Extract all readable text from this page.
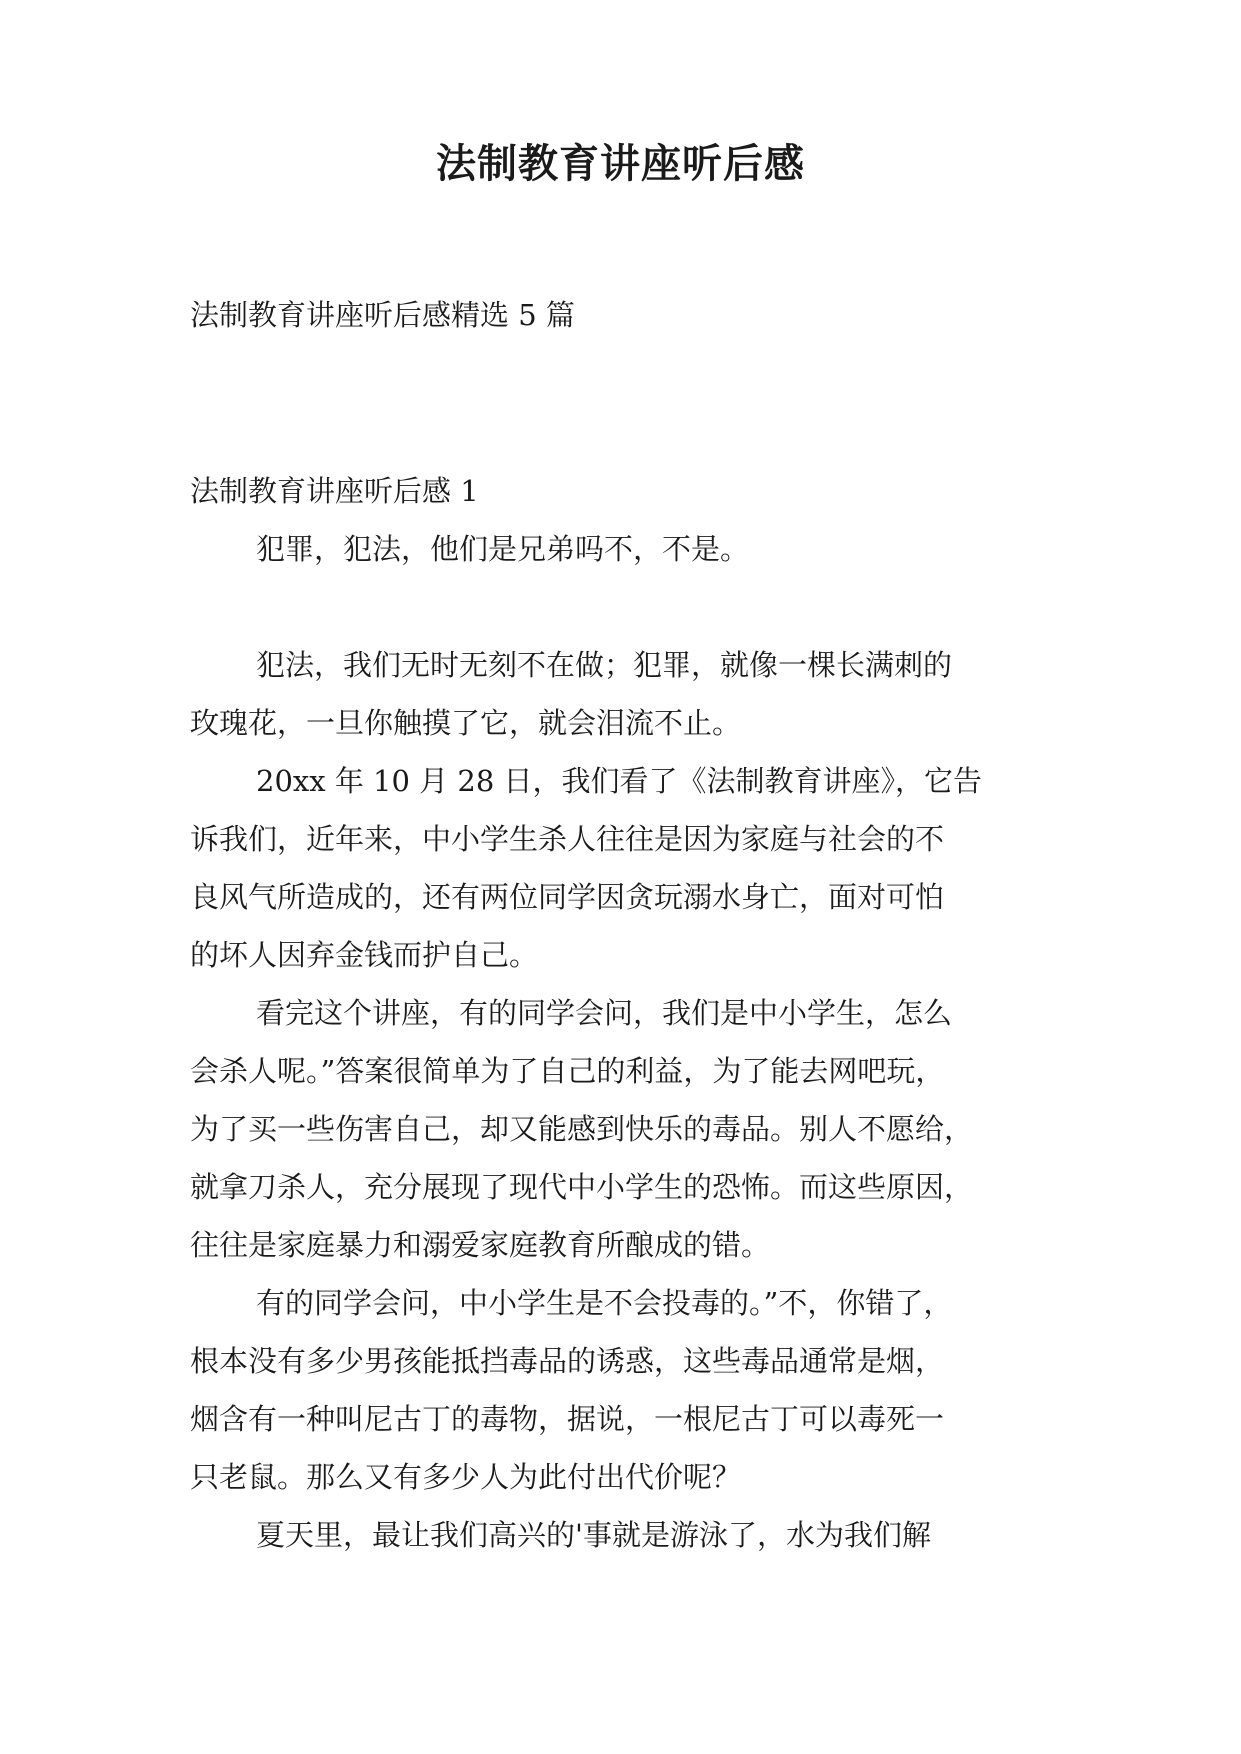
法制教育讲座听后感
法制教育讲座听后感精选 5 篇
法制教育讲座听后感 1
犯罪，犯法，他们是兄弟吗不，不是。
犯法，我们无时无刻不在做；犯罪，就像一棵长满刺的
玫瑰花，一旦你触摸了它，就会泪流不止。
20xx 年 10 月 28 日，我们看了《法制教育讲座》，它告
诉我们，近年来，中小学生杀人往往是因为家庭与社会的不
良风气所造成的，还有两位同学因贪玩溺水身亡，面对可怕
的坏人因弃金钱而护自己。
看完这个讲座，有的同学会问，我们是中小学生，怎么
会杀人呢。”答案很简单为了自己的利益，为了能去网吧玩，
为了买一些伤害自己，却又能感到快乐的毒品。别人不愿给，
就拿刀杀人，充分展现了现代中小学生的恐怖。而这些原因，
往往是家庭暴力和溺爱家庭教育所酿成的错。
有的同学会问，中小学生是不会投毒的。”不，你错了，
根本没有多少男孩能抵挡毒品的诱惑，这些毒品通常是烟，
烟含有一种叫尼古丁的毒物，据说，一根尼古丁可以毒死一
只老鼠。那么又有多少人为此付出代价呢？
夏天里，最让我们高兴的'事就是游泳了，水为我们解
